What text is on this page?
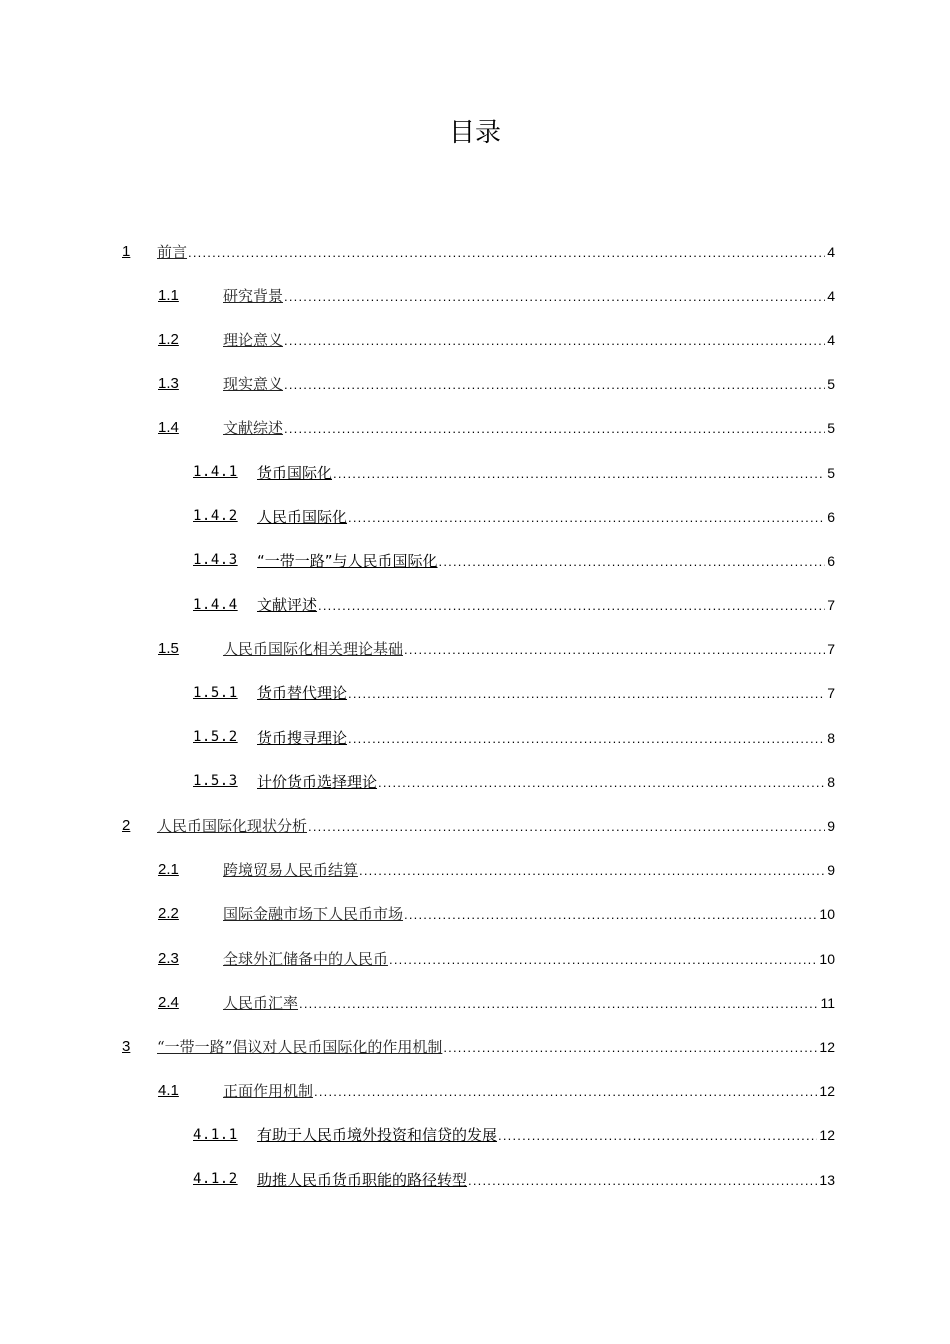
目录
1 前言 .....	4
1.1	研究背景 .....	4
1.2	理论意义 .....	4
1.3	现实意义 .....	5
1.4	文献综述 .....	5
1.4.1 货币国际化 .....	5
1.4.2 人民币国际化 .....	6
1.4.3 “一带一路”与人民币国际化 .....	6
1.4.4 文献评述 .....	7
1.5	人民币国际化相关理论基础 .....	7
1.5.1 货币替代理论 .....	7
1.5.2 货币搜寻理论 .....	8
1.5.3 计价货币选择理论 .....	8
2 人民币国际化现状分析 .....	9
2.1	跨境贸易人民币结算 .....	9
2.2	国际金融市场下人民币市场 .....	10
2.3	全球外汇储备中的人民币 .....	10
2.4	人民币汇率 .....	11
3 “一带一路”倡议对人民币国际化的作用机制 .....	12
4.1	正面作用机制 .....	12
4.1.1 有助于人民币境外投资和信贷的发展 .....	12
4.1.2 助推人民币货币职能的路径转型 .....	13
